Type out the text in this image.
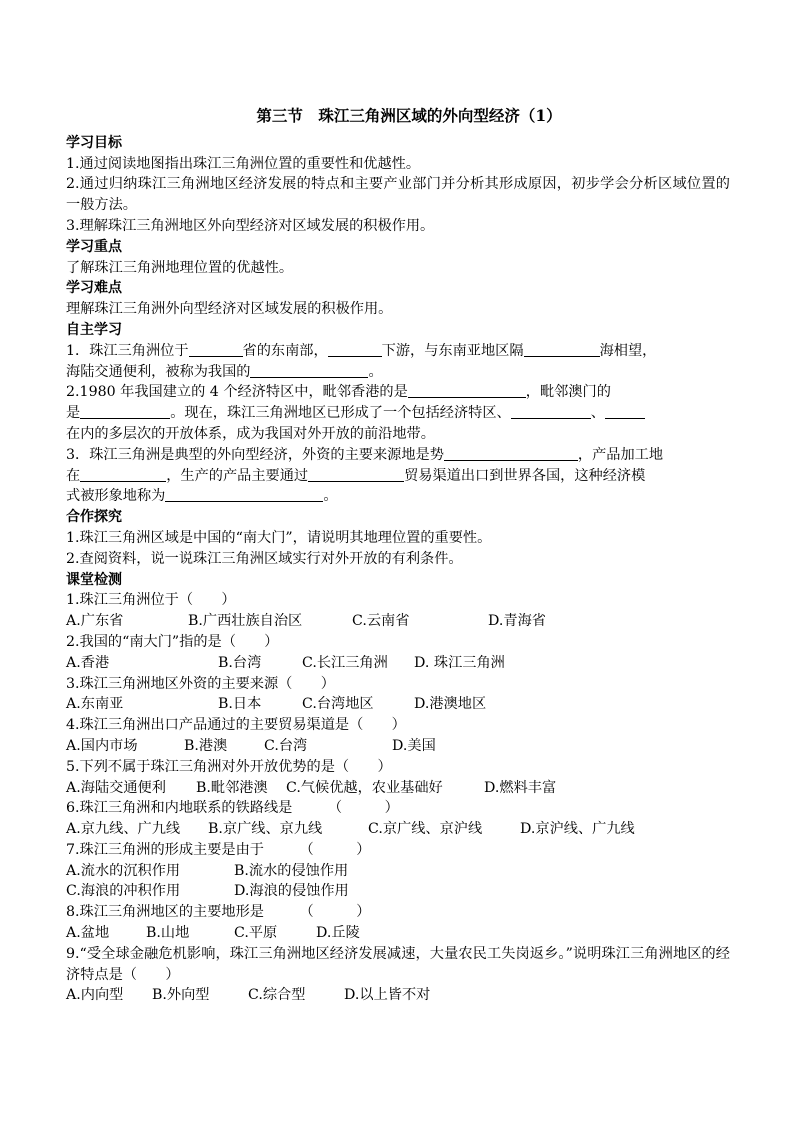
第三节　珠江三角洲区域的外向型经济（1）
学习目标
1.通过阅读地图指出珠江三角洲位置的重要性和优越性。
2.通过归纳珠江三角洲地区经济发展的特点和主要产业部门并分析其形成原因，初步学会分析区域位置的一般方法。
3.理解珠江三角洲地区外向型经济对区域发展的积极作用。
学习重点
了解珠江三角洲地理位置的优越性。
学习难点
理解珠江三角洲外向型经济对区域发展的积极作用。
自主学习
1．珠江三角洲位于	省的东南部，	下游，与东南亚地区隔	海相望，
海陆交通便利，被称为我国的	。
2.1980 年我国建立的 4 个经济特区中，毗邻香港的是	，毗邻澳门的
是	。现在，珠江三角洲地区已形成了一个包括经济特区、	、
在内的多层次的开放体系，成为我国对外开放的前沿地带。
3．珠江三角洲是典型的外向型经济，外资的主要来源地是势	，产品加工地
在	，生产的产品主要通过	贸易渠道出口到世界各国，这种经济模
式被形象地称为	。
合作探究
1.珠江三角洲区域是中国的“南大门”，请说明其地理位置的重要性。
2.查阅资料，说一说珠江三角洲区域实行对外开放的有利条件。
课堂检测
1.珠江三角洲位于（　　）
A.广东省	B.广西壮族自治区	C.云南省	D.青海省
2.我国的“南大门”指的是（　　）
A.香港	B.台湾	C.长江三角洲 D. 珠江三角洲
3.珠江三角洲地区外资的主要来源（　　）
A.东南亚	B.日本	C.台湾地区	D.港澳地区
4.珠江三角洲出口产品通过的主要贸易渠道是（　　）
A.国内市场	B.港澳	C.台湾	D.美国
5.下列不属于珠江三角洲对外开放优势的是（　　）
A.海陆交通便利 B.毗邻港澳 C.气候优越，农业基础好	D.燃料丰富
6.珠江三角洲和内地联系的铁路线是　　　（　　　）
A.京九线、广九线 B.京广线、京九线	C.京广线、京沪线	D.京沪线、广九线
7.珠江三角洲的形成主要是由于　　　（　　　）
A.流水的沉积作用	B.流水的侵蚀作用
C.海浪的冲积作用	D.海浪的侵蚀作用
8.珠江三角洲地区的主要地形是　　　（　　　）
A.盆地	B.山地	C.平原	D.丘陵
9.“受全球金融危机影响，珠江三角洲地区经济发展减速，大量农民工失岗返乡。”说明珠江三角洲地区的经济特点是（　　）
A.内向型 B.外向型	C.综合型	D.以上皆不对
